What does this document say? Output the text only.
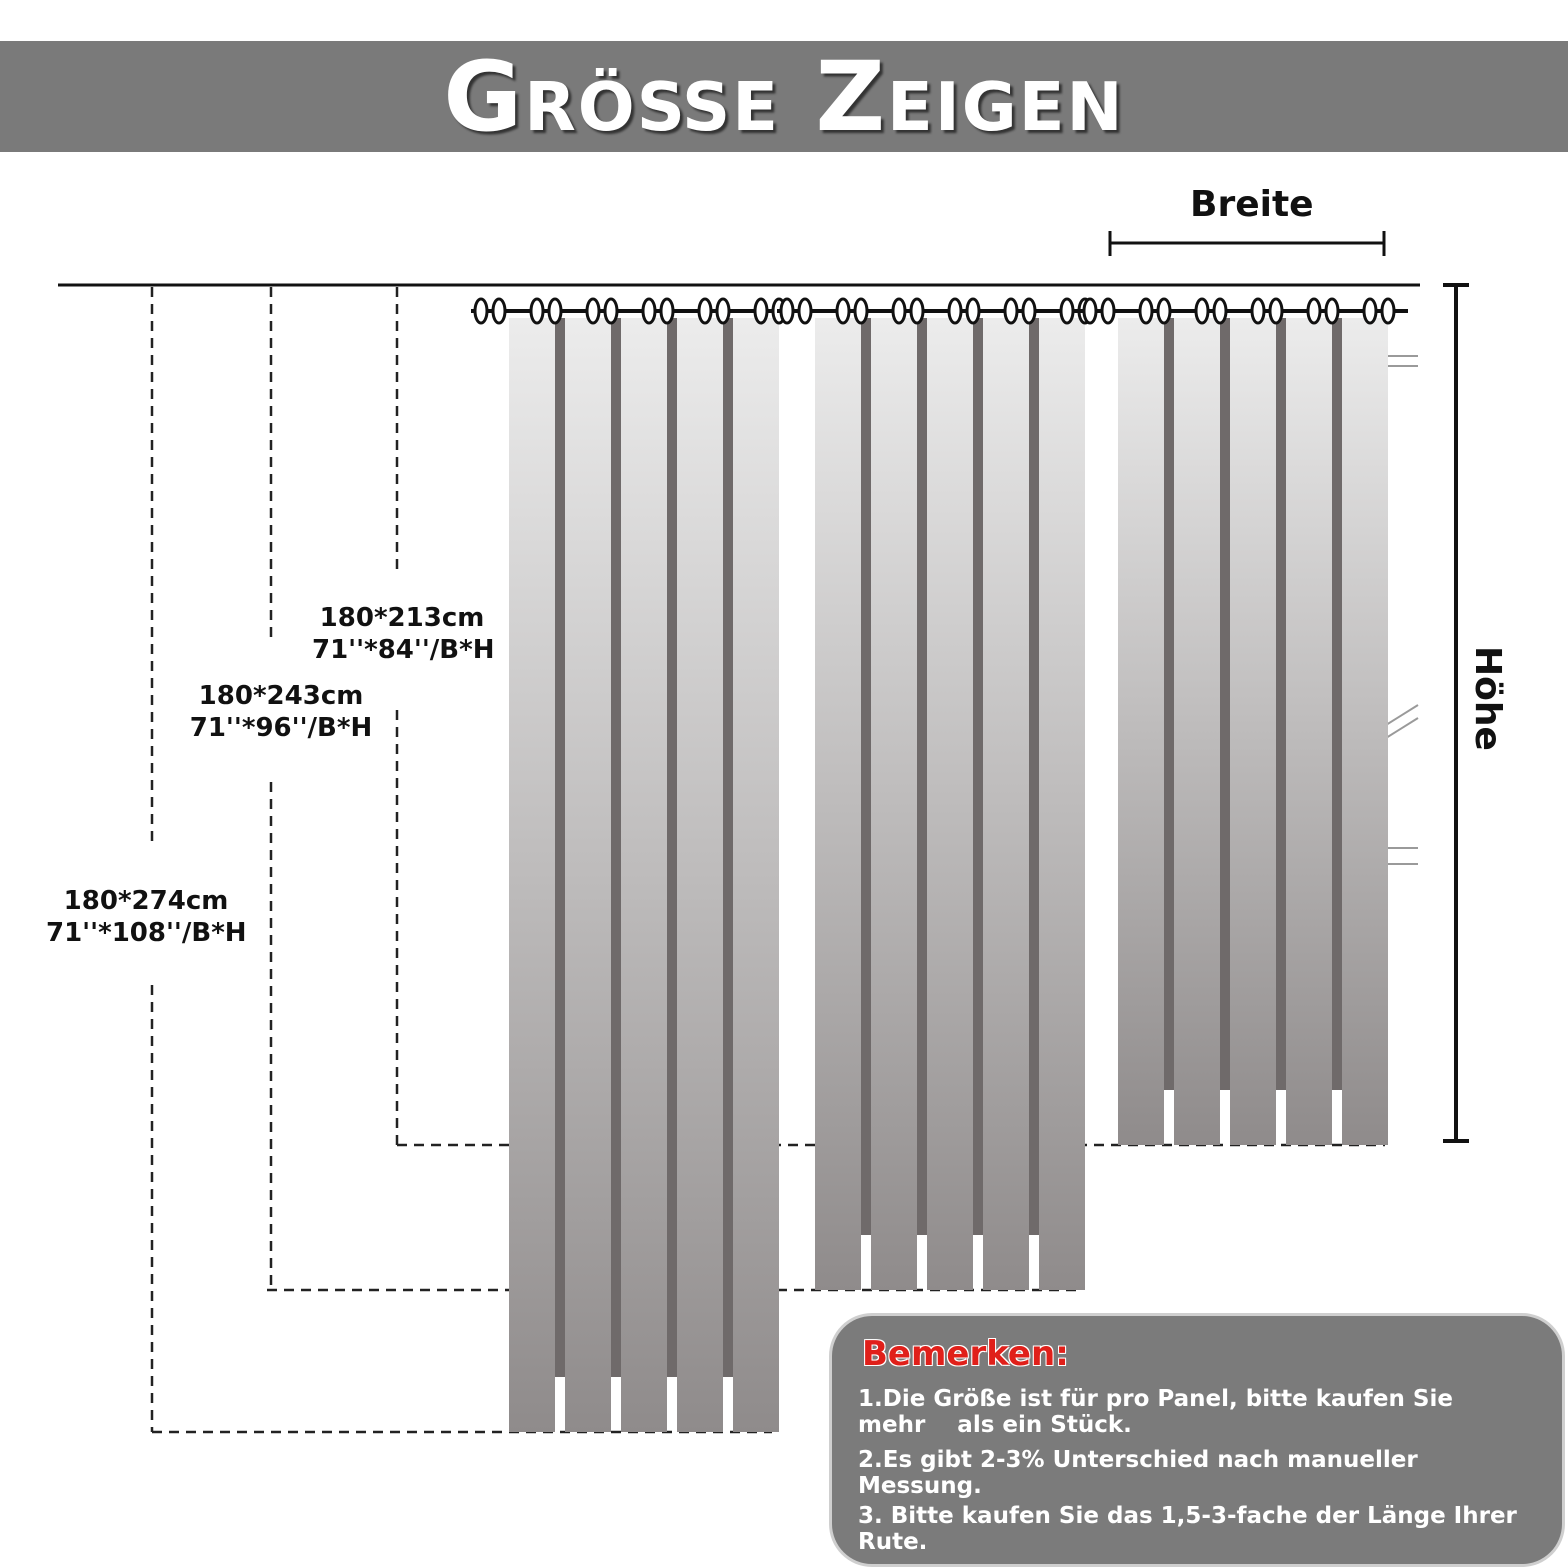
Größe Zeigen
180*213cm
71''*84''/B*H
180*243cm
71''*96''/B*H
180*274cm
71''*108''/B*H
Breite
Höhe
Bemerken:
1.Die Größe ist für pro Panel, bitte kaufen Sie mehr    als ein Stück.
2.Es gibt 2-3% Unterschied nach manueller Messung.
3. Bitte kaufen Sie das 1,5-3-fache der Länge Ihrer Rute.
